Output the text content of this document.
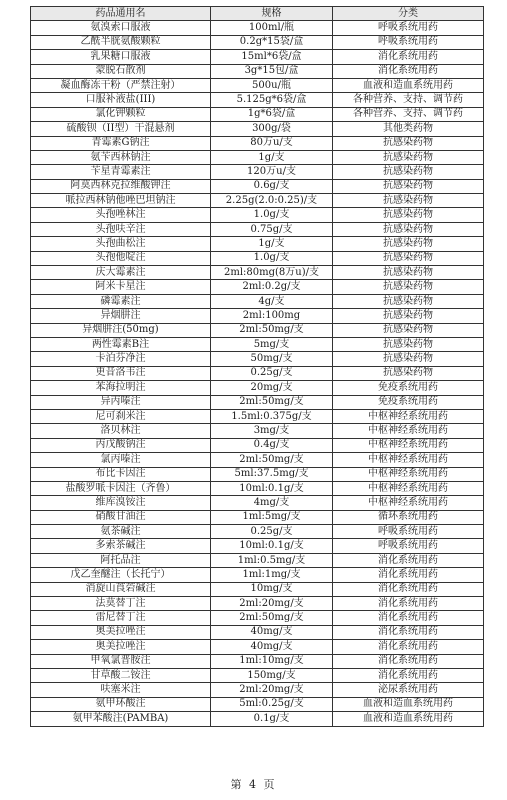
药品通用名	规格	分类
氨溴索口服液	100ml/瓶	呼吸系统用药
乙酰半胱氨酸颗粒	0.2g*15袋/盒	呼吸系统用药
乳果糖口服液	15ml*6袋/盒	消化系统用药
蒙脱石散剂	3g*15包/盒	消化系统用药
凝血酶冻干粉（严禁注射）	500u/瓶	血液和造血系统用药
口服补液盐(III)	5.125g*6袋/盒	各种营养、支持、调节药
氯化钾颗粒	1g*6袋/盒	各种营养、支持、调节药
硫酸钡（II型）干混悬剂	300g/袋	其他类药物
青霉素G钠注	80万u/支	抗感染药物
氨苄西林钠注	1g/支	抗感染药物
苄星青霉素注	120万u/支	抗感染药物
阿莫西林克拉维酸钾注	0.6g/支	抗感染药物
哌拉西林钠他唑巴坦钠注	2.25g(2.0:0.25)/支	抗感染药物
头孢唑林注	1.0g/支	抗感染药物
头孢呋辛注	0.75g/支	抗感染药物
头孢曲松注	1g/支	抗感染药物
头孢他啶注	1.0g/支	抗感染药物
庆大霉素注	2ml:80mg(8万u)/支	抗感染药物
阿米卡星注	2ml:0.2g/支	抗感染药物
磷霉素注	4g/支	抗感染药物
异烟肼注	2ml:100mg	抗感染药物
异烟肼注(50mg)	2ml:50mg/支	抗感染药物
两性霉素B注	5mg/支	抗感染药物
卡泊芬净注	50mg/支	抗感染药物
更昔洛韦注	0.25g/支	抗感染药物
苯海拉明注	20mg/支	免疫系统用药
异丙嗪注	2ml:50mg/支	免疫系统用药
尼可刹米注	1.5ml:0.375g/支	中枢神经系统用药
洛贝林注	3mg/支	中枢神经系统用药
丙戊酸钠注	0.4g/支	中枢神经系统用药
氯丙嗪注	2ml:50mg/支	中枢神经系统用药
布比卡因注	5ml:37.5mg/支	中枢神经系统用药
盐酸罗哌卡因注（齐鲁）	10ml:0.1g/支	中枢神经系统用药
维库溴铵注	4mg/支	中枢神经系统用药
硝酸甘油注	1ml:5mg/支	循环系统用药
氨茶碱注	0.25g/支	呼吸系统用药
多索茶碱注	10ml:0.1g/支	呼吸系统用药
阿托品注	1ml:0.5mg/支	消化系统用药
戊乙奎醚注（长托宁）	1ml:1mg/支	消化系统用药
消旋山莨菪碱注	10mg/支	消化系统用药
法莫替丁注	2ml:20mg/支	消化系统用药
雷尼替丁注	2ml:50mg/支	消化系统用药
奥美拉唑注	40mg/支	消化系统用药
奥美拉唑注	40mg/支	消化系统用药
甲氧氯普胺注	1ml:10mg/支	消化系统用药
甘草酸二铵注	150mg/支	消化系统用药
呋塞米注	2ml:20mg/支	泌尿系统用药
氨甲环酸注	5ml:0.25g/支	血液和造血系统用药
氨甲苯酸注(PAMBA)	0.1g/支	血液和造血系统用药
第 4 页
